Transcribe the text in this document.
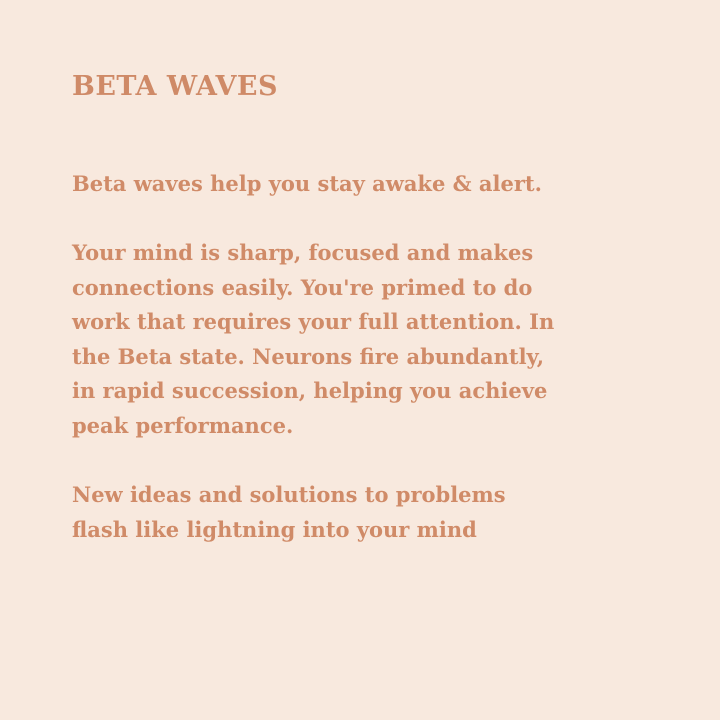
BETA WAVES

Beta waves help you stay awake & alert.

Your mind is sharp, focused and makes connections easily. You're primed to do work that requires your full attention. In the Beta state. Neurons fire abundantly, in rapid succession, helping you achieve peak performance.

New ideas and solutions to problems flash like lightning into your mind
